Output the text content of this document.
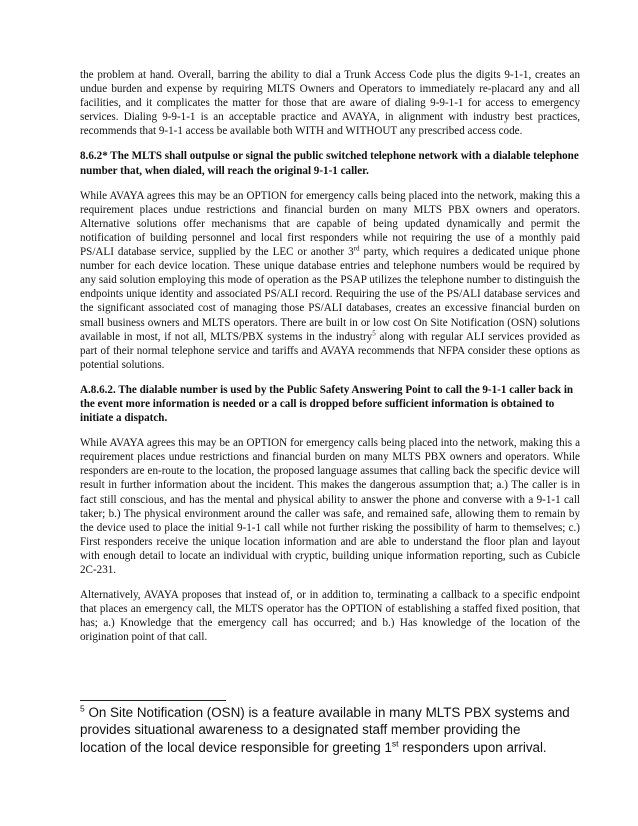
the problem at hand. Overall, barring the ability to dial a Trunk Access Code plus the digits 9-1-1, creates an undue burden and expense by requiring MLTS Owners and Operators to immediately re-placard any and all facilities, and it complicates the matter for those that are aware of dialing 9-9-1-1 for access to emergency services. Dialing 9-9-1-1 is an acceptable practice and AVAYA, in alignment with industry best practices, recommends that 9-1-1 access be available both WITH and WITHOUT any prescribed access code.

8.6.2* The MLTS shall outpulse or signal the public switched telephone network with a dialable telephone number that, when dialed, will reach the original 9-1-1 caller.

While AVAYA agrees this may be an OPTION for emergency calls being placed into the network, making this a requirement places undue restrictions and financial burden on many MLTS PBX owners and operators. Alternative solutions offer mechanisms that are capable of being updated dynamically and permit the notification of building personnel and local first responders while not requiring the use of a monthly paid PS/ALI database service, supplied by the LEC or another 3rd party, which requires a dedicated unique phone number for each device location. These unique database entries and telephone numbers would be required by any said solution employing this mode of operation as the PSAP utilizes the telephone number to distinguish the endpoints unique identity and associated PS/ALI record. Requiring the use of the PS/ALI database services and the significant associated cost of managing those PS/ALI databases, creates an excessive financial burden on small business owners and MLTS operators. There are built in or low cost On Site Notification (OSN) solutions available in most, if not all, MLTS/PBX systems in the industry$^5$ along with regular ALI services provided as part of their normal telephone service and tariffs and AVAYA recommends that NFPA consider these options as potential solutions.

A.8.6.2. The dialable number is used by the Public Safety Answering Point to call the 9-1-1 caller back in the event more information is needed or a call is dropped before sufficient information is obtained to initiate a dispatch.

While AVAYA agrees this may be an OPTION for emergency calls being placed into the network, making this a requirement places undue restrictions and financial burden on many MLTS PBX owners and operators. While responders are en-route to the location, the proposed language assumes that calling back the specific device will result in further information about the incident. This makes the dangerous assumption that; a.) The caller is in fact still conscious, and has the mental and physical ability to answer the phone and converse with a 9-1-1 call taker; b.) The physical environment around the caller was safe, and remained safe, allowing them to remain by the device used to place the initial 9-1-1 call while not further risking the possibility of harm to themselves; c.) First responders receive the unique location information and are able to understand the floor plan and layout with enough detail to locate an individual with cryptic, building unique information reporting, such as Cubicle 2C-231.

Alternatively, AVAYA proposes that instead of, or in addition to, terminating a callback to a specific endpoint that places an emergency call, the MLTS operator has the OPTION of establishing a staffed fixed position, that has; a.) Knowledge that the emergency call has occurred; and b.) Has knowledge of the location of the origination point of that call.

$^5$ On Site Notification (OSN) is a feature available in many MLTS PBX systems and provides situational awareness to a designated staff member providing the location of the local device responsible for greeting 1st responders upon arrival.
